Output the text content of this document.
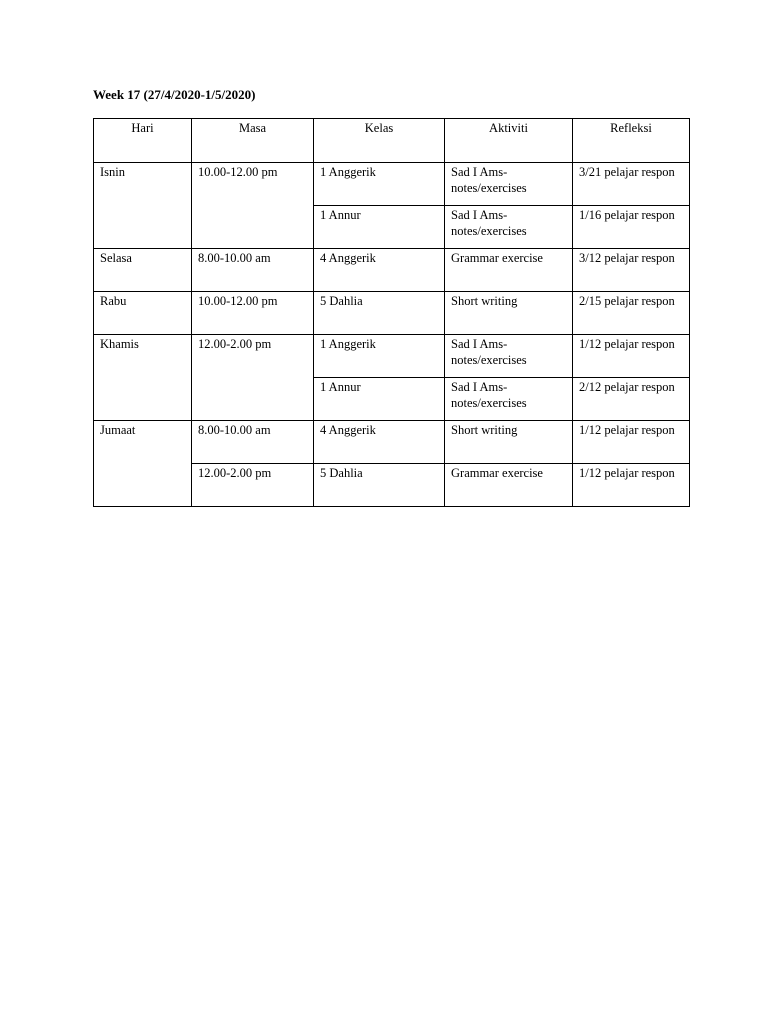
Week 17 (27/4/2020-1/5/2020)
Hari	Masa	Kelas	Aktiviti	Refleksi
Isnin	10.00-12.00 pm	1 Anggerik	Sad I Ams- notes/exercises	3/21 pelajar respon
		1 Annur	Sad I Ams- notes/exercises	1/16 pelajar respon
Selasa	8.00-10.00 am	4 Anggerik	Grammar exercise	3/12 pelajar respon
Rabu	10.00-12.00 pm	5 Dahlia	Short writing	2/15 pelajar respon
Khamis	12.00-2.00 pm	1 Anggerik	Sad I Ams- notes/exercises	1/12 pelajar respon
		1 Annur	Sad I Ams- notes/exercises	2/12 pelajar respon
Jumaat	8.00-10.00 am	4 Anggerik	Short writing	1/12 pelajar respon
	12.00-2.00 pm	5 Dahlia	Grammar exercise	1/12 pelajar respon
